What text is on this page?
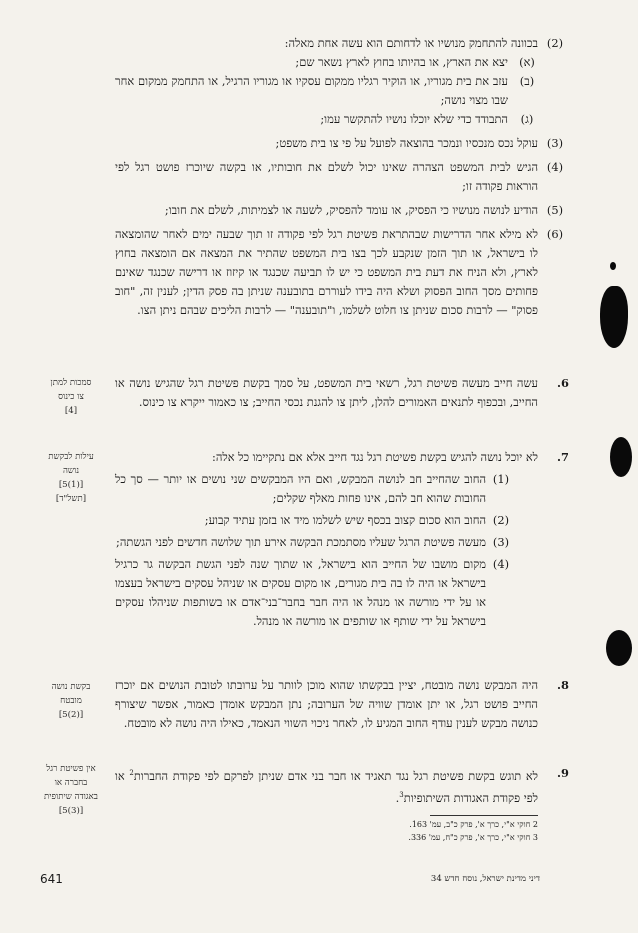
(2)
בכוונה להתחמק מנושיו או לדחותם הוא עשה אחת מאלה:

(א)
יצא את הארץ, או בהיותו בחוץ לארץ נשאר שם;

(ב)
עזב את בית מגוריו, או הוקיר רגליו ממקום עסקיו או מגוריו הרגיל, או התחמק ממקום אחר שבו מצוי נושה;

(ג)
התבודד כדי שלא יוכלו נושיו להתקשר עמו;

(3)
עוקל נכס מנכסיו ונמכר בהוצאה לפועל על פי צו בית משפט;

(4)
הגיש לבית המשפט הצהרה שאינו יכול לשלם את חובותיו, או בקשה שיוכרז פושט רגל לפי הוראות פקודה זו;

(5)
הודיע לנושה מנושיו כי הפסיק, או עומד להפסיק, לשעה או לצמיתות, לשלם את חובו;

(6)
לא מילא אחר הדרישות שבהתראת פשיטת רגל לפי פקודה זו תוך שבעה ימים לאחר שהומצאה לו בישראל, או תוך הזמן שנקבע לכך בצו בית המשפט שהתיר את המצאה אם הומצאה בחוץ לארץ, ולא הניח את דעת בית המשפט כי יש לו תביעה שכנגד או קיזוז או דרישה שכנגד שאינם פחותים מסך החוב הפסוק ושלא היה בידו לעוררם בתובענה שניתן בה פסק הדין; לענין זה, "חוב פסוק" — לרבות סכום שניתן צו חלוט לשלמו, ו"תובענה" — לרבות הליכים שבהם ניתן הצו.

6.
עשה חייב מעשה פשיטת רגל, רשאי בית המשפט, על סמך בקשת פשיטת רגל שהגיש נושה או החייב, ובכפוף לתנאים האמורים להלן, ליתן צו להגנת נכסי החייב; צו כאמור ייקרא צו כינוס.

7.
לא יוכל נושה להגיש בקשת פשיטת רגל נגד חייב אלא אם נתקיימו כל אלה:

(1)
החוב שהחייב חב לנושה המבקש, ואם היו המבקשים שני נושים או יותר — סך כל החובות שהוא חב להם, אינו פחות מאלף שקלים;

(2)
החוב הוא סכום קצוב בכסף שיש לשלמו מיד או בזמן עתיד קבוע;

(3)
מעשה פשיטת הרגל שעליו מסתמכת הבקשה אירע תוך שלושה חדשים לפני הגשתה;

(4)
מקום מושבו של החייב הוא בישראל, או שתוך שנה לפני הגשת הבקשה גר כרגיל בישראל או היה לו בה בית מגורים, או מקום עסקים או שניהל עסקים בישראל בעצמו או על ידי מורשה או מנהל או היה חבר בחבר־בני־אדם או בשותפות שניהלו עסקים בישראל על ידי שותף או שותפים או מורשה או מנהל.

8.
היה המבקש נושה מובטח, יציין בבקשתו שהוא מוכן לוותר על ערובתו לטובת הנושים אם יוכרז החייב פושט רגל, או יתן אומדן שוויה של הערובה; נתן המבקש אומדן כאמור, אפשר שיצורף כנושה מבקש לענין עודף החוב המגיע לו, לאחר ניכוי השווי הנאמד, כאילו היה נושה לא מובטח.

9.
לא תוגש בקשת פשיטת רגל נגד תאגיד או חבר בני אדם שניתן לפרקם לפי פקודת החברות$^2$ או לפי פקודת האגודות השיתופיות$^3$.

סמכות למתן
צו כינוס
[4]
עילות לבקשת
נושה
[(1)5]
[תשל"ד]
בקשת נושה
מובטח
[(2)5]
אין פשיטת רגל
בחברה או
באגודה שיתופית
[(3)5]
2 חוקי א"י, כרך א', פרק כ"ב, עמ' 163.
3 חוקי א"י, כרך א', פרק כ"ח, עמ' 336.
641	דיני מדינת ישראל, נוסח חדש 34
